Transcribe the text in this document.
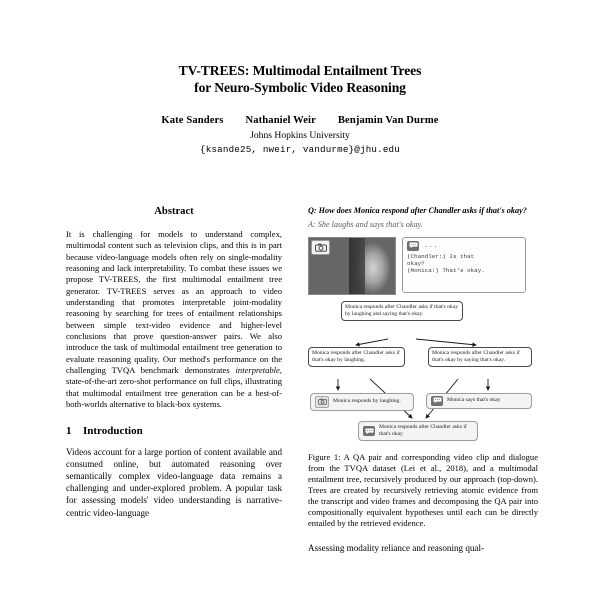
TV-TREES: Multimodal Entailment Trees
for Neuro-Symbolic Video Reasoning
Kate Sanders Nathaniel Weir Benjamin Van Durme
Johns Hopkins University
{ksande25, nweir, vandurme}@jhu.edu
Abstract
It is challenging for models to understand complex, multimodal content such as television clips, and this is in part because video-language models often rely on single-modality reasoning and lack interpretability. To combat these issues we propose TV-TREES, the first multimodal entailment tree generator. TV-TREES serves as an approach to video understanding that promotes interpretable joint-modality reasoning by searching for trees of entailment relationships between simple text-video evidence and higher-level conclusions that prove question-answer pairs. We also introduce the task of multimodal entailment tree generation to evaluate reasoning quality. Our method's performance on the challenging TVQA benchmark demonstrates interpretable, state-of-the-art zero-shot performance on full clips, illustrating that multimodal entailment tree generation can be a best-of-both-worlds alternative to black-box systems.
1 Introduction
Videos account for a large portion of content available and consumed online, but automated reasoning over semantically complex video-language data remains a challenging and under-explored problem. A popular task for assessing models' video understanding is narrative-centric video-language
Q: How does Monica respond after Chandler asks if that's okay?
A: She laughs and says that's okay.
...
(Chandler:) Is that
okay?
(Monica:) That's okay.
Monica responds after Chandler asks if that's okay by laughing and saying that's okay.
Monica responds after Chandler asks if that's okay by laughing.
Monica responds after Chandler asks if that's okay by saying that's okay.
Monica responds by laughing.	Monica says that's okay
Monica responds after Chandler asks if that's okay
Figure 1: A QA pair and corresponding video clip and dialogue from the TVQA dataset (Lei et al., 2018), and a multimodal entailment tree, recursively produced by our approach (top-down). Trees are created by recursively retrieving atomic evidence from the transcript and video frames and decomposing the QA pair into compositionally equivalent hypotheses until each can be directly entailed by the retrieved evidence.
Assessing modality reliance and reasoning qual-
